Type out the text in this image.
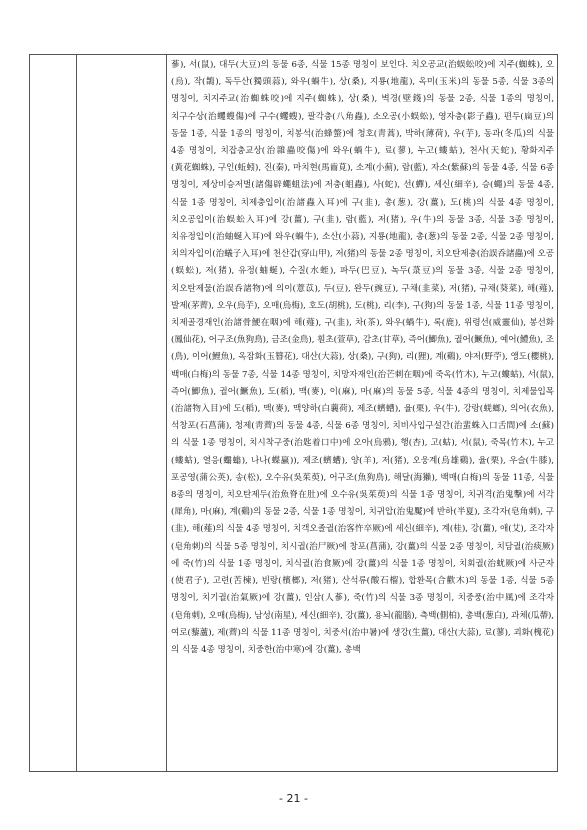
蔘), 서(鼠), 대두(大豆)의 동물 6종, 식물 15종 명칭이 보인다. 치오공교(治蜈蚣咬)에 지주(蜘蛛), 오(烏), 작(鵲), 독두산(獨頭蒜), 와우(蝸牛), 상(桑), 지룡(地龍), 옥미(玉米)의 동물 5종, 식물 3종의 명칭이, 치지주교(治蜘蛛咬)에 지주(蜘蛛), 상(桑), 벽경(壁錢)의 동물 2종, 식물 1종의 명칭이, 치구수상(治蠼螋傷)에 구수(蠼螋), 팔각충(八角蟲), 소오공(小蜈蚣), 영자충(影子蟲), 편두(扁豆)의 동물 1종, 식물 1종의 명칭이, 치봉석(治蜂螫)에 청호(靑蒿), 박하(薄荷), 우(芋), 동과(冬瓜)의 식물 4종 명칭이, 치잡충교상(治雜蟲咬傷)에 와우(蝸牛), 료(蓼), 누고(螻蛄), 천사(天蛇), 황화지주(黃花蜘蛛), 구인(蚯蚓), 진(秦), 마치현(馬齒莧), 소계(小薊), 람(藍), 자소(紫蘇)의 동물 4종, 식물 6종 명칭이, 제상비승저벌(諸傷辟蠅蛆法)에 저충(蛆蟲), 사(蛇), 선(蟬), 세신(細辛), 승(蠅)의 동물 4종, 식물 1종 명칭이, 치제충입이(治諸蟲入耳)에 구(韭), 총(葱), 강(薑), 도(桃)의 식물 4종 명칭이, 치오공입이(治蜈蚣入耳)에 강(薑), 구(韭), 람(藍), 저(猪), 우(牛)의 동물 3종, 식물 3종 명칭이, 치유정입이(治蚰蜒入耳)에 와우(蝸牛), 소산(小蒜), 지룡(地龍), 총(葱)의 동물 2종, 식물 2종 명칭이, 치의자입이(治蟻子入耳)에 천산갑(穿山甲), 저(猪)의 동물 2종 명칭이, 치오탄제충(治誤呑諸蟲)에 오공(蜈蚣), 저(猪), 유정(蚰蜒), 수질(水蛭), 파두(巴豆), 녹두(菉豆)의 동물 3종, 식물 2종 명칭이, 치오탄제물(治誤呑諸物)에 의이(薏苡), 두(豆), 완두(豌豆), 구채(韭菜), 저(猪), 규채(葵菜), 해(薤), 발제(茅薺), 오우(烏芋), 오매(烏梅), 호도(胡桃), 도(桃), 리(李), 구(狗)의 동물 1종, 식물 11종 명칭이, 치제골경재인(治諸骨鯁在咽)에 해(薤), 구(韭), 차(茶), 와우(蝸牛), 록(鹿), 위령선(威靈仙), 봉선화(鳳仙花), 어구조(魚狗鳥), 금조(金鳥), 훤초(萱草), 감초(甘草), 즉어(鯽魚), 궐어(鱖魚), 예어(鱧魚), 조(鳥), 이어(鯉魚), 옥잠화(玉簪花), 대산(大蒜), 상(桑), 구(狗), 리(狸), 계(鷄), 야저(野苧), 앵도(櫻桃), 백매(白梅)의 동물 7종, 식물 14종 명칭이, 치망자재인(治芒刺在咽)에 죽옥(竹木), 누고(螻蛄), 서(鼠), 즉어(鯽魚), 궐어(鱖魚), 도(稻), 맥(麥), 이(麻), 마(麻)의 동물 5종, 식물 4종의 명칭이, 치제물입목(治諸物入目)에 도(稻), 맥(麥), 맥양하(白蘘荷), 제조(蠐螬), 율(栗), 우(牛), 강랑(蜣螂), 의어(衣魚), 석창포(石菖蒲), 청제(靑薺)의 동물 4종, 식물 6종 명칭이, 치비사입구설간(治蜚蛛入口舌間)에 소(蘇)의 식물 1종 명칭이, 치시착구중(治匙着口中)에 오아(烏鴉), 행(杏), 고(蛄), 서(鼠), 죽목(竹木), 누고(螻蛄), 열응(蠮螉), 나나(蝶蠃)), 제조(蠐螬), 양(羊), 저(猪), 오웅계(烏雄鷄), 율(栗), 우슬(牛膝), 포공영(蒲公英), 송(松), 오수유(吳茱萸), 어구조(魚狗鳥), 해달(海獺), 백매(白梅)의 동물 11종, 식물 8종의 명칭이, 치오탄제두(治魚脊在肚)에 오수유(吳茱萸)의 식물 1종 명칭이, 치귀격(治鬼擊)에 서각(犀角), 마(麻), 계(鷄)의 동물 2종, 식물 1종 명칭이, 치귀압(治鬼魘)에 반하(半夏), 조각자(皂角刺), 구(韭), 해(薤)의 식물 4종 명칭이, 치객오졸궐(治客忤卒厥)에 세신(細辛), 계(桂), 강(薑), 애(艾), 조각자(皂角刺)의 식물 5종 명칭이, 치시궐(治尸厥)에 창포(菖蒲), 강(薑)의 식물 2종 명칭이, 치담궐(治痰厥)에 죽(竹)의 식물 1종 명칭이, 치식궐(治食厥)에 강(薑)의 식물 1종 명칭이, 치회궐(治蚘厥)에 사군자(使君子), 고련(苦楝), 빈랑(檳榔), 저(猪), 산석류(酸石榴), 합환목(合歡木)의 동물 1종, 식물 5종 명칭이, 치기궐(治氣厥)에 강(薑), 인삼(人蔘), 죽(竹)의 식물 3종 명칭이, 치중풍(治中風)에 조각자(皂角刺), 오매(烏梅), 남성(南星), 세신(細辛), 강(薑), 용뇌(龍腦), 측백(側柏), 총백(葱白), 과체(瓜蔕), 여로(藜蘆), 제(薺)의 식물 11종 명칭이, 치중서(治中暑)에 생강(生薑), 대산(大蒜), 료(蓼), 괴화(槐花)의 식물 4종 명칭이, 치중한(治中寒)에 강(薑), 총백

- 21 -
